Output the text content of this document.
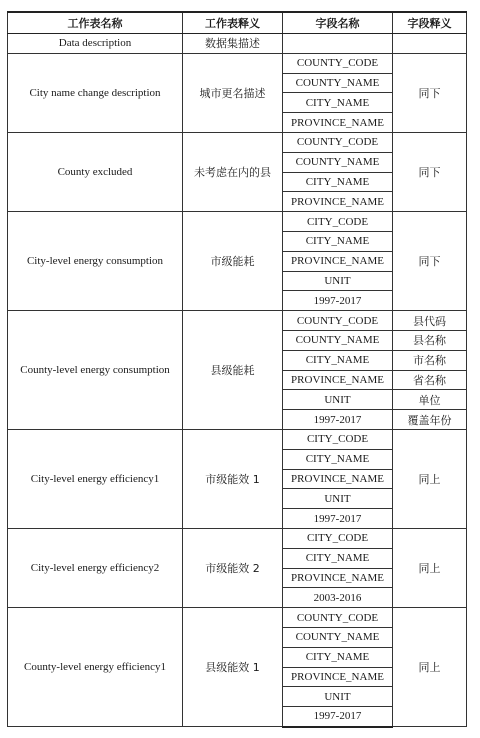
工作表名称	工作表释义	字段名称	字段释义
Data description	数据集描述		
City name change description	城市更名描述	COUNTY_CODE	同下
		COUNTY_NAME	
		CITY_NAME	
		PROVINCE_NAME	
County excluded	未考虑在内的县	COUNTY_CODE	同下
		COUNTY_NAME	
		CITY_NAME	
		PROVINCE_NAME	
City-level energy consumption	市级能耗	CITY_CODE	同下
		CITY_NAME	
		PROVINCE_NAME	
		UNIT	
		1997-2017	
County-level energy consumption	县级能耗	COUNTY_CODE	县代码
		COUNTY_NAME	县名称
		CITY_NAME	市名称
		PROVINCE_NAME	省名称
		UNIT	单位
		1997-2017	覆盖年份
City-level energy efficiency1	市级能效 1	CITY_CODE	同上
		CITY_NAME	
		PROVINCE_NAME	
		UNIT	
		1997-2017	
City-level energy efficiency2	市级能效 2	CITY_CODE	同上
		CITY_NAME	
		PROVINCE_NAME	
		2003-2016	
County-level energy efficiency1	县级能效 1	COUNTY_CODE	同上
		COUNTY_NAME	
		CITY_NAME	
		PROVINCE_NAME	
		UNIT	
		1997-2017	
